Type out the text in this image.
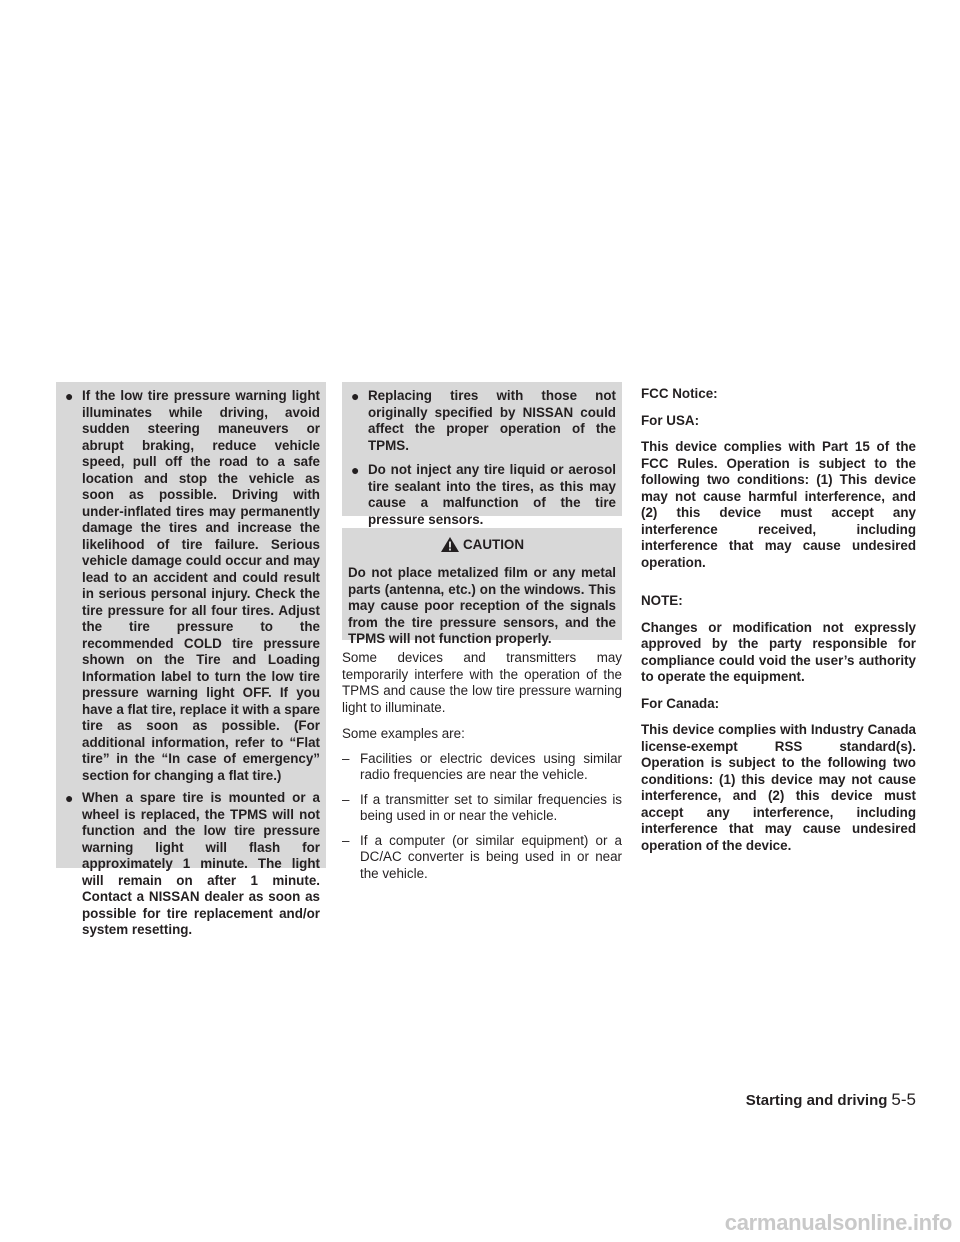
● If the low tire pressure warning light illuminates while driving, avoid sudden steering maneuvers or abrupt braking, reduce vehicle speed, pull off the road to a safe location and stop the vehicle as soon as possible. Driving with under-inflated tires may permanently damage the tires and increase the likelihood of tire failure. Serious vehicle damage could occur and may lead to an accident and could result in serious personal injury. Check the tire pressure for all four tires. Adjust the tire pressure to the recommended COLD tire pressure shown on the Tire and Loading Information label to turn the low tire pressure warning light OFF. If you have a flat tire, replace it with a spare tire as soon as possible. (For additional information, refer to “Flat tire” in the “In case of emergency” section for changing a flat tire.)
● When a spare tire is mounted or a wheel is replaced, the TPMS will not function and the low tire pressure warning light will flash for approximately 1 minute. The light will remain on after 1 minute. Contact a NISSAN dealer as soon as possible for tire replacement and/or system resetting.
● Replacing tires with those not originally specified by NISSAN could affect the proper operation of the TPMS.
● Do not inject any tire liquid or aerosol tire sealant into the tires, as this may cause a malfunction of the tire pressure sensors.
CAUTION

Do not place metalized film or any metal parts (antenna, etc.) on the windows. This may cause poor reception of the signals from the tire pressure sensors, and the TPMS will not function properly.

Some devices and transmitters may temporarily interfere with the operation of the TPMS and cause the low tire pressure warning light to illuminate.

Some examples are:

– Facilities or electric devices using similar radio frequencies are near the vehicle.
– If a transmitter set to similar frequencies is being used in or near the vehicle.
– If a computer (or similar equipment) or a DC/AC converter is being used in or near the vehicle.

FCC Notice:

For USA:

This device complies with Part 15 of the FCC Rules. Operation is subject to the following two conditions: (1) This device may not cause harmful interference, and (2) this device must accept any interference received, including interference that may cause undesired operation.

NOTE:

Changes or modification not expressly approved by the party responsible for compliance could void the user’s authority to operate the equipment.

For Canada:

This device complies with Industry Canada license-exempt RSS standard(s). Operation is subject to the following two conditions: (1) this device may not cause interference, and (2) this device must accept any interference, including interference that may cause undesired operation of the device.

Starting and driving 5-5
carmanualsonline.info
